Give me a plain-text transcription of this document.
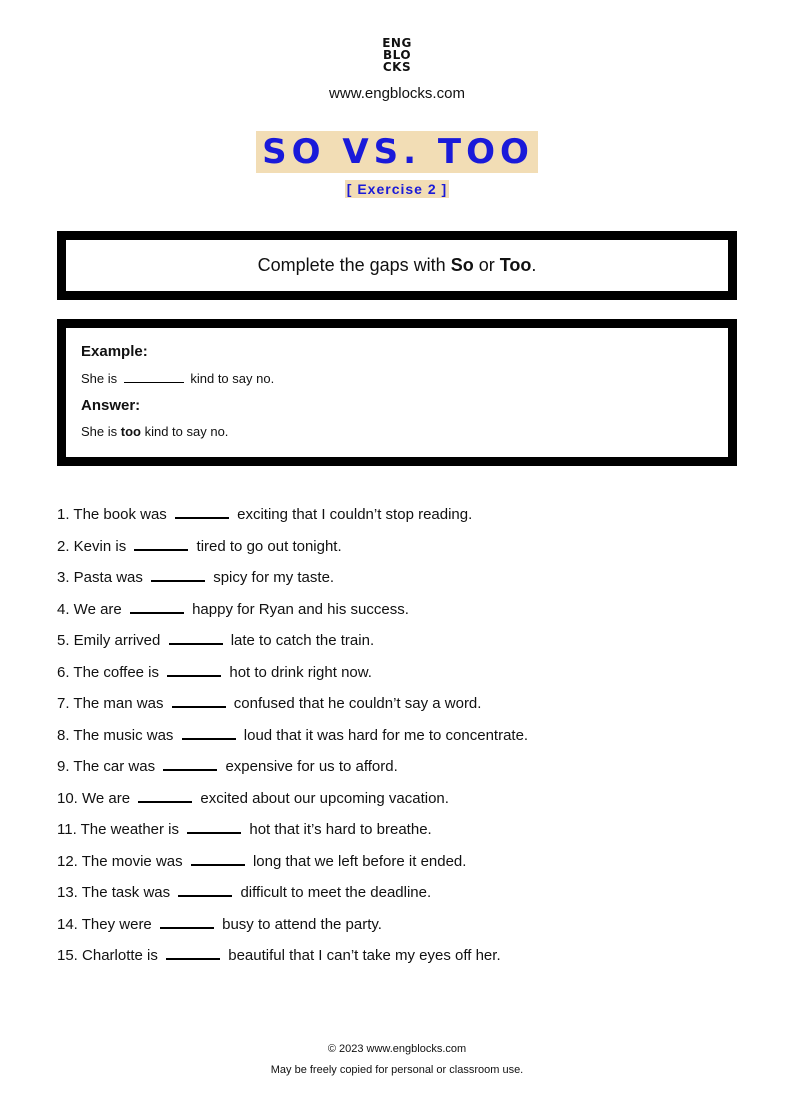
ENG
BLO
CKS
www.engblocks.com
SO VS. TOO
[ Exercise 2 ]
Complete the gaps with So or Too.

Example:

She is	kind to say no.

Answer:

She is too kind to say no.

1. The book was	exciting that I couldn’t stop reading.
2. Kevin is	tired to go out tonight.
3. Pasta was	spicy for my taste.
4. We are	happy for Ryan and his success.
5. Emily arrived	late to catch the train.
6. The coffee is	hot to drink right now.
7. The man was	confused that he couldn’t say a word.
8. The music was	loud that it was hard for me to concentrate.
9. The car was	expensive for us to afford.
10. We are	excited about our upcoming vacation.
11. The weather is	hot that it’s hard to breathe.
12. The movie was	long that we left before it ended.
13. The task was	difficult to meet the deadline.
14. They were	busy to attend the party.
15. Charlotte is	beautiful that I can’t take my eyes off her.
© 2023 www.engblocks.com
May be freely copied for personal or classroom use.
